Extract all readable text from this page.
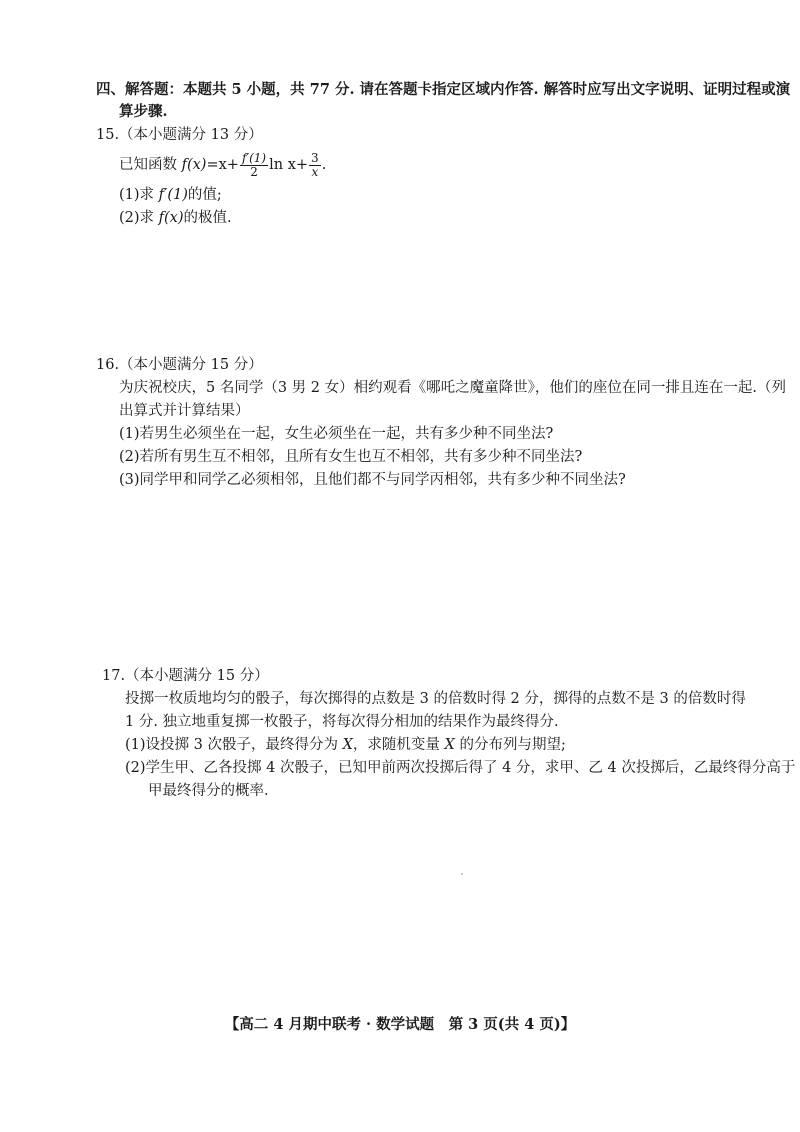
四、解答题：本题共 5 小题，共 77 分. 请在答题卡指定区域内作答. 解答时应写出文字说明、证明过程或演
算步骤.
15.（本小题满分 13 分）
已知函数 $f(x)=x+ \frac{f'(1)}{2}$ $\ln x+ \frac{3}{x}$ .
(1)求 f′(1)的值;
(2)求 f(x)的极值.
16.（本小题满分 15 分）
为庆祝校庆，5 名同学（3 男 2 女）相约观看《哪吒之魔童降世》，他们的座位在同一排且连在一起.（列
出算式并计算结果）
(1)若男生必须坐在一起，女生必须坐在一起，共有多少种不同坐法?
(2)若所有男生互不相邻，且所有女生也互不相邻，共有多少种不同坐法?
(3)同学甲和同学乙必须相邻，且他们都不与同学丙相邻，共有多少种不同坐法?
17.（本小题满分 15 分）
投掷一枚质地均匀的骰子，每次掷得的点数是 3 的倍数时得 2 分，掷得的点数不是 3 的倍数时得
1 分. 独立地重复掷一枚骰子，将每次得分相加的结果作为最终得分.
(1)设投掷 3 次骰子，最终得分为 X，求随机变量 X 的分布列与期望;
(2)学生甲、乙各投掷 4 次骰子，已知甲前两次投掷后得了 4 分，求甲、乙 4 次投掷后，乙最终得分高于
甲最终得分的概率.
【高二 4 月期中联考 · 数学试题　第 3 页(共 4 页)】
